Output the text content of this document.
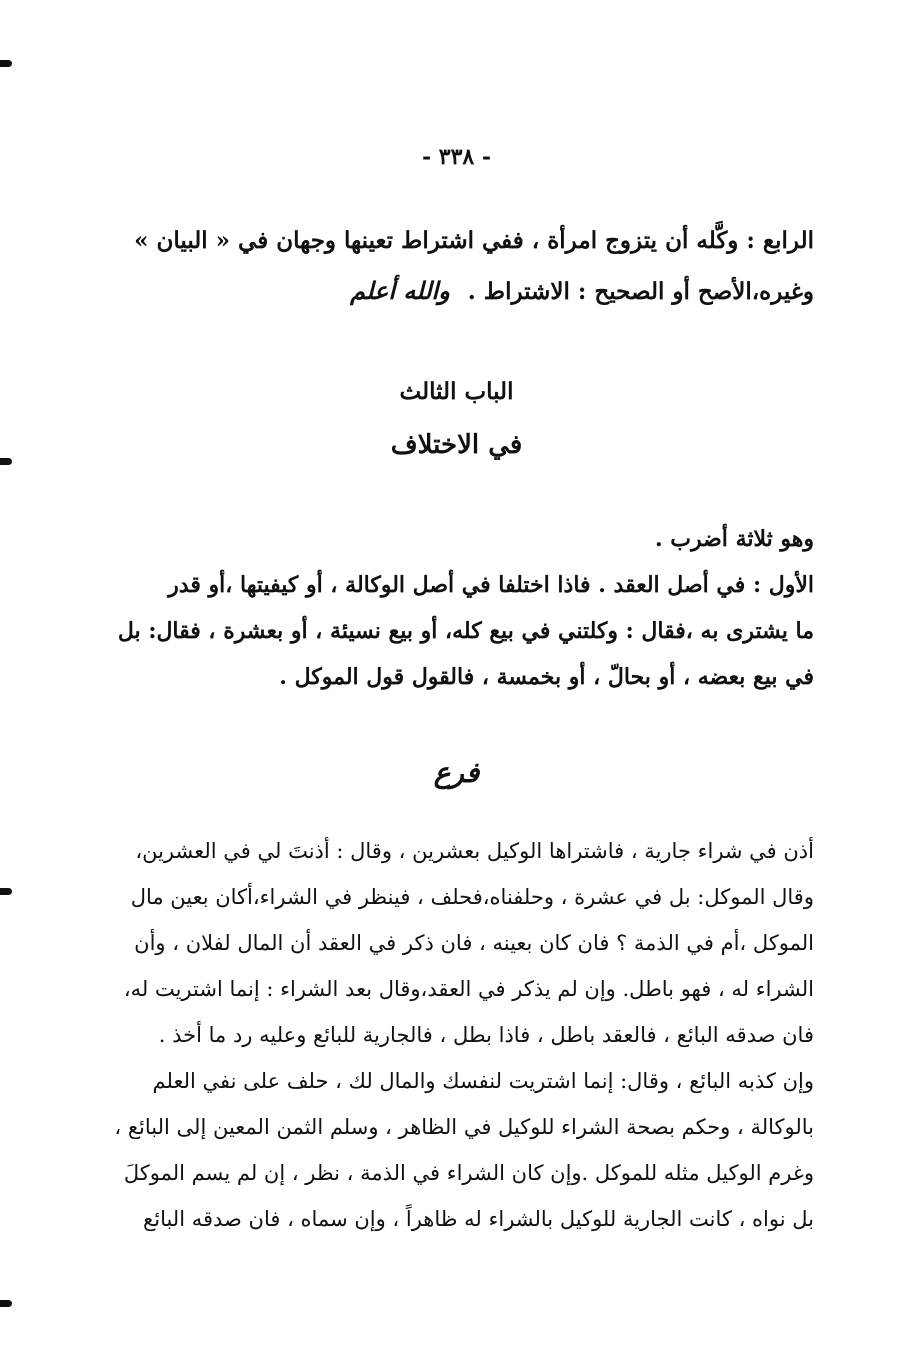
- ٣٣٨ -
الرابع : وكَّله أن يتزوج امرأة ، ففي اشتراط تعينها وجهان في « البيان »
وغيره،الأصح أو الصحيح : الاشتراط .والله أعلم
الباب الثالث
في الاختلاف
وهو ثلاثة أضرب .
الأول : في أصل العقد . فاذا اختلفا في أصل الوكالة ، أو كيفيتها ،أو قدر
ما يشترى به ،فقال : وكلتني في بيع كله، أو بيع نسيئة ، أو بعشرة ، فقال: بل
في بيع بعضه ، أو بحالّ ، أو بخمسة ، فالقول قول الموكل .
فرع
أذن في شراء جارية ، فاشتراها الوكيل بعشرين ، وقال : أذنتَ لي في العشرين،
وقال الموكل: بل في عشرة ، وحلفناه،فحلف ، فينظر في الشراء،أكان بعين مال
الموكل ،أم في الذمة ؟ فان كان بعينه ، فان ذكر في العقد أن المال لفلان ، وأن
الشراء له ، فهو باطل. وإن لم يذكر في العقد،وقال بعد الشراء : إنما اشتريت له،
فان صدقه البائع ، فالعقد باطل ، فاذا بطل ، فالجارية للبائع وعليه رد ما أخذ .
وإن كذبه البائع ، وقال: إنما اشتريت لنفسك والمال لك ، حلف على نفي العلم
بالوكالة ، وحكم بصحة الشراء للوكيل في الظاهر ، وسلم الثمن المعين إلى البائع ،
وغرم الوكيل مثله للموكل .وإن كان الشراء في الذمة ، نظر ، إن لم يسم الموكلَ
بل نواه ، كانت الجارية للوكيل بالشراء له ظاهراً ، وإن سماه ، فان صدقه البائع
